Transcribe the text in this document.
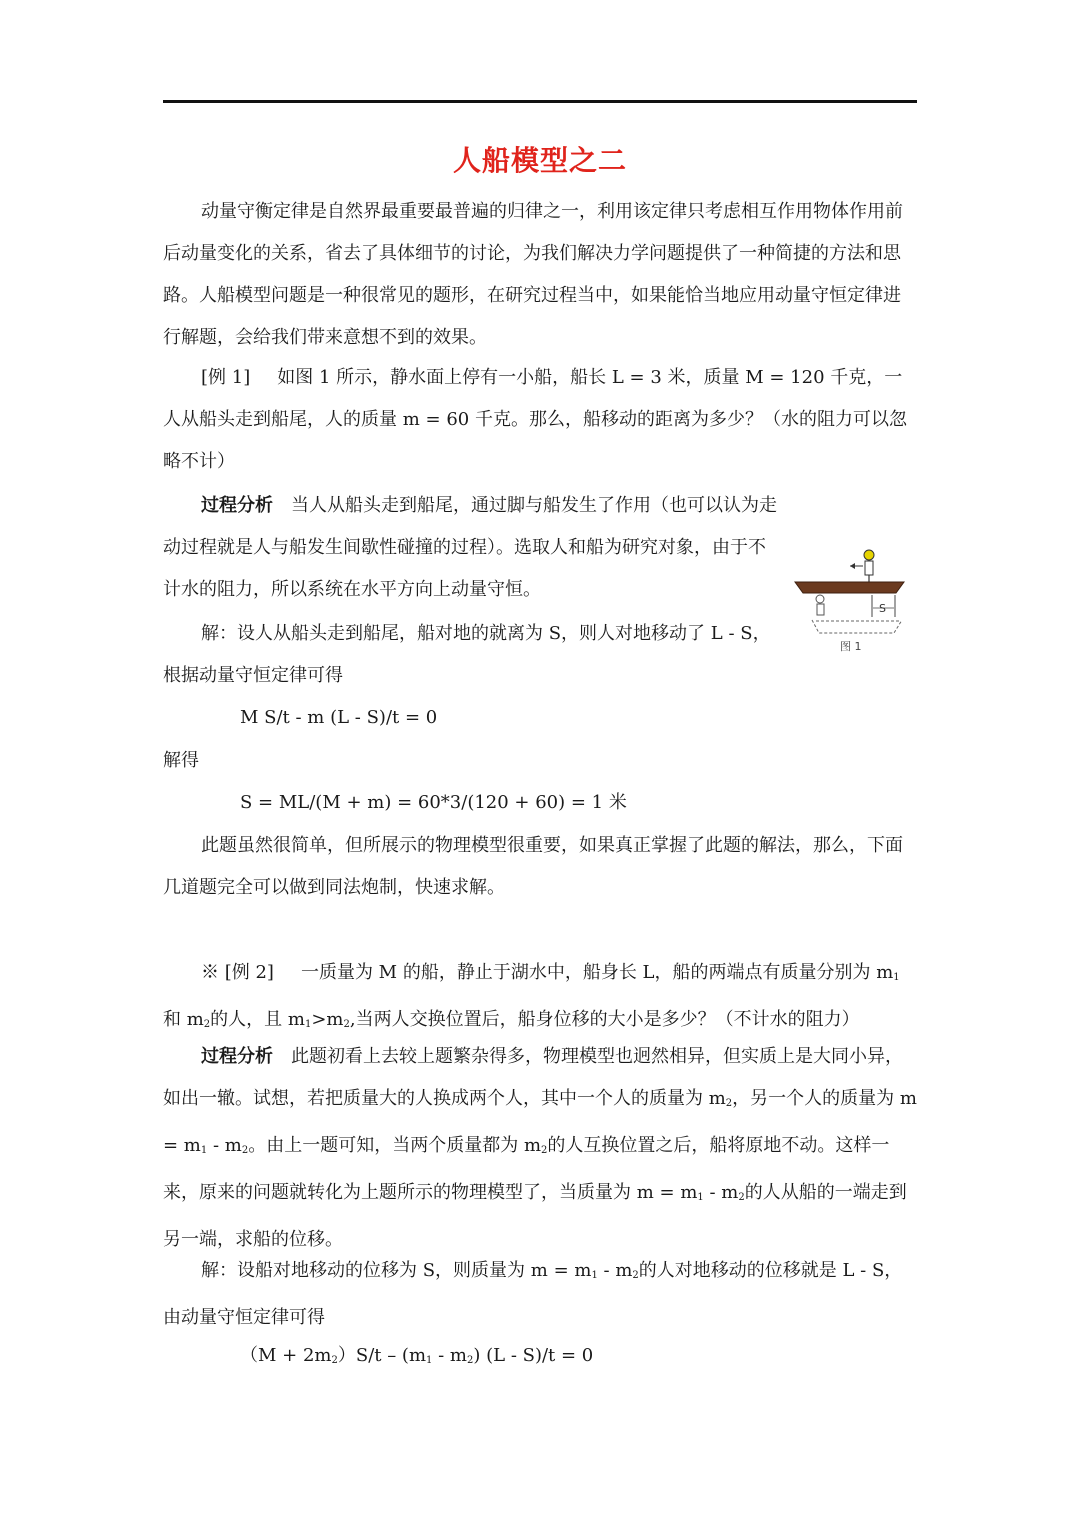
人船模型之二

动量守衡定律是自然界最重要最普遍的归律之一，利用该定律只考虑相互作用物体作用前后动量变化的关系，省去了具体细节的讨论，为我们解决力学问题提供了一种简捷的方法和思路。人船模型问题是一种很常见的题形，在研究过程当中，如果能恰当地应用动量守恒定律进行解题，会给我们带来意想不到的效果。

[例 1]   如图 1 所示，静水面上停有一小船，船长 L = 3 米，质量 M = 120 千克，一人从船头走到船尾，人的质量 m = 60 千克。那么，船移动的距离为多少？（水的阻力可以忽略不计）

过程分析   当人从船头走到船尾，通过脚与船发生了作用（也可以认为走动过程就是人与船发生间歇性碰撞的过程）。选取人和船为研究对象，由于不计水的阻力，所以系统在水平方向上动量守恒。

解：设人从船头走到船尾，船对地的就离为 S，则人对地移动了 L - S，根据动量守恒定律可得

M S/t - m (L - S)/t = 0

解得

S = ML/(M + m) = 60*3/(120 + 60) = 1 米

此题虽然很简单，但所展示的物理模型很重要，如果真正掌握了此题的解法，那么，下面几道题完全可以做到同法炮制，快速求解。

S
图 1

※ [例 2]   一质量为 M 的船，静止于湖水中，船身长 L，船的两端点有质量分别为 $m_1$和 $m_2$的人，且 $m_1>m_2$,当两人交换位置后，船身位移的大小是多少？（不计水的阻力）

过程分析   此题初看上去较上题繁杂得多，物理模型也迥然相异，但实质上是大同小异，如出一辙。试想，若把质量大的人换成两个人，其中一个人的质量为 $m_2$，另一个人的质量为 $m = m_1 - m_2$。由上一题可知，当两个质量都为 $m_2$的人互换位置之后，船将原地不动。这样一来，原来的问题就转化为上题所示的物理模型了，当质量为 $m = m_1 - m_2$的人从船的一端走到另一端，求船的位移。

解：设船对地移动的位移为 S，则质量为 $m = m_1 - m_2$的人对地移动的位移就是 L - S，由动量守恒定律可得

$(M + 2m_2)S/t - (m_1 - m_2)$ (L - S)/t = 0
